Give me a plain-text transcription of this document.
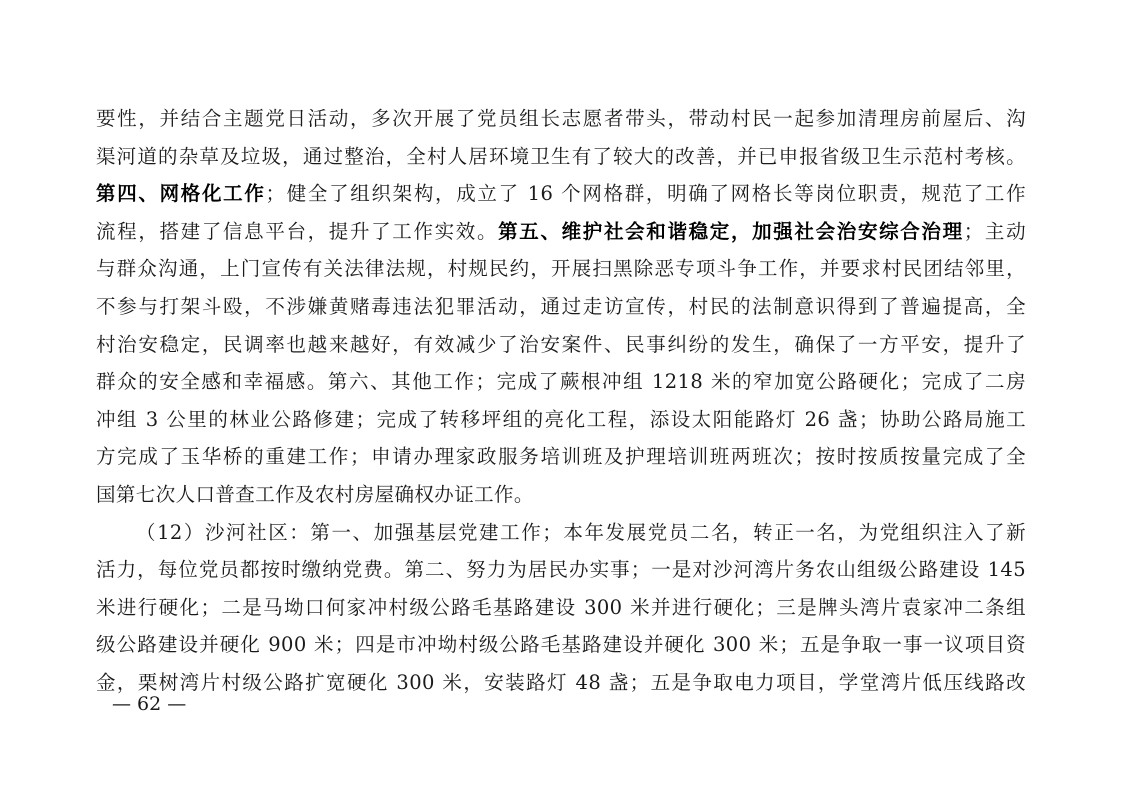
要性，并结合主题党日活动，多次开展了党员组长志愿者带头，带动村民一起参加清理房前屋后、沟
渠河道的杂草及垃圾，通过整治，全村人居环境卫生有了较大的改善，并已申报省级卫生示范村考核。
第四、网格化工作；健全了组织架构，成立了 16 个网格群，明确了网格长等岗位职责，规范了工作
流程，搭建了信息平台，提升了工作实效。第五、维护社会和谐稳定，加强社会治安综合治理；主动
与群众沟通，上门宣传有关法律法规，村规民约，开展扫黑除恶专项斗争工作，并要求村民团结邻里，
不参与打架斗殴，不涉嫌黄赌毒违法犯罪活动，通过走访宣传，村民的法制意识得到了普遍提高，全
村治安稳定，民调率也越来越好，有效减少了治安案件、民事纠纷的发生，确保了一方平安，提升了
群众的安全感和幸福感。第六、其他工作；完成了蕨根冲组 1218 米的窄加宽公路硬化；完成了二房
冲组 3 公里的林业公路修建；完成了转移坪组的亮化工程，添设太阳能路灯 26 盏；协助公路局施工
方完成了玉华桥的重建工作；申请办理家政服务培训班及护理培训班两班次；按时按质按量完成了全
国第七次人口普查工作及农村房屋确权办证工作。
（12）沙河社区：第一、加强基层党建工作；本年发展党员二名，转正一名，为党组织注入了新
活力，每位党员都按时缴纳党费。第二、努力为居民办实事；一是对沙河湾片务农山组级公路建设 145
米进行硬化；二是马坳口何家冲村级公路毛基路建设 300 米并进行硬化；三是牌头湾片袁家冲二条组
级公路建设并硬化 900 米；四是市冲坳村级公路毛基路建设并硬化 300 米；五是争取一事一议项目资
金，栗树湾片村级公路扩宽硬化 300 米，安装路灯 48 盏；五是争取电力项目，学堂湾片低压线路改
— 62 —
